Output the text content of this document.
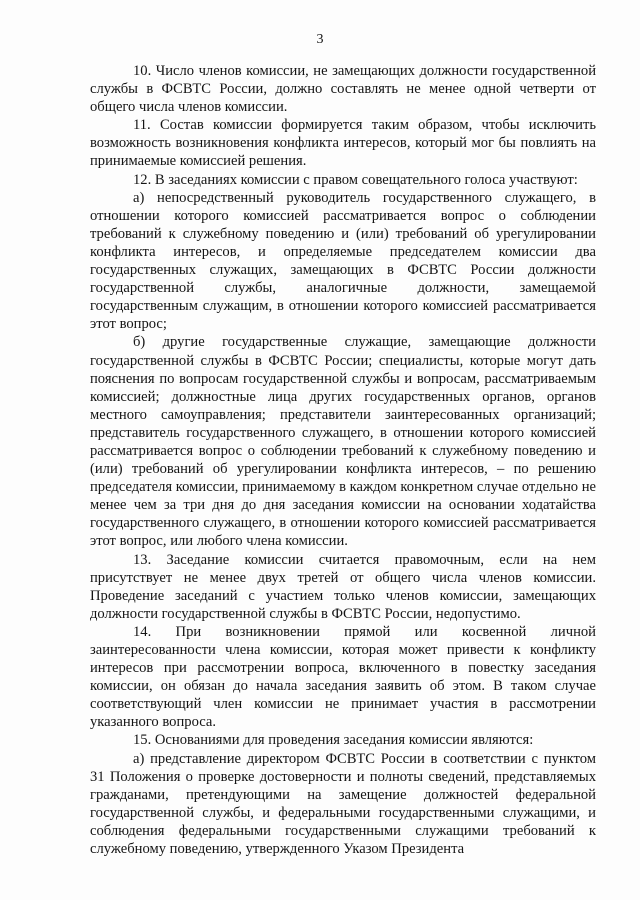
3

10. Число членов комиссии, не замещающих должности государственной службы в ФСВТС России, должно составлять не менее одной четверти от общего числа членов комиссии.

11. Состав комиссии формируется таким образом, чтобы исключить возможность возникновения конфликта интересов, который мог бы повлиять на принимаемые комиссией решения.

12. В заседаниях комиссии с правом совещательного голоса участвуют:

а) непосредственный руководитель государственного служащего, в отношении которого комиссией рассматривается вопрос о соблюдении требований к служебному поведению и (или) требований об урегулировании конфликта интересов, и определяемые председателем комиссии два государственных служащих, замещающих в ФСВТС России должности государственной службы, аналогичные должности, замещаемой государственным служащим, в отношении которого комиссией рассматривается этот вопрос;

б) другие государственные служащие, замещающие должности государственной службы в ФСВТС России; специалисты, которые могут дать пояснения по вопросам государственной службы и вопросам, рассматриваемым комиссией; должностные лица других государственных органов, органов местного самоуправления; представители заинтересованных организаций; представитель государственного служащего, в отношении которого комиссией рассматривается вопрос о соблюдении требований к служебному поведению и (или) требований об урегулировании конфликта интересов, – по решению председателя комиссии, принимаемому в каждом конкретном случае отдельно не менее чем за три дня до дня заседания комиссии на основании ходатайства государственного служащего, в отношении которого комиссией рассматривается этот вопрос, или любого члена комиссии.

13. Заседание комиссии считается правомочным, если на нем присутствует не менее двух третей от общего числа членов комиссии. Проведение заседаний с участием только членов комиссии, замещающих должности государственной службы в ФСВТС России, недопустимо.

14. При возникновении прямой или косвенной личной заинтересованности члена комиссии, которая может привести к конфликту интересов при рассмотрении вопроса, включенного в повестку заседания комиссии, он обязан до начала заседания заявить об этом. В таком случае соответствующий член комиссии не принимает участия в рассмотрении указанного вопроса.

15. Основаниями для проведения заседания комиссии являются:

а) представление директором ФСВТС России в соответствии с пунктом 31 Положения о проверке достоверности и полноты сведений, представляемых гражданами, претендующими на замещение должностей федеральной государственной службы, и федеральными государственными служащими, и соблюдения федеральными государственными служащими требований к служебному поведению, утвержденного Указом Президента
